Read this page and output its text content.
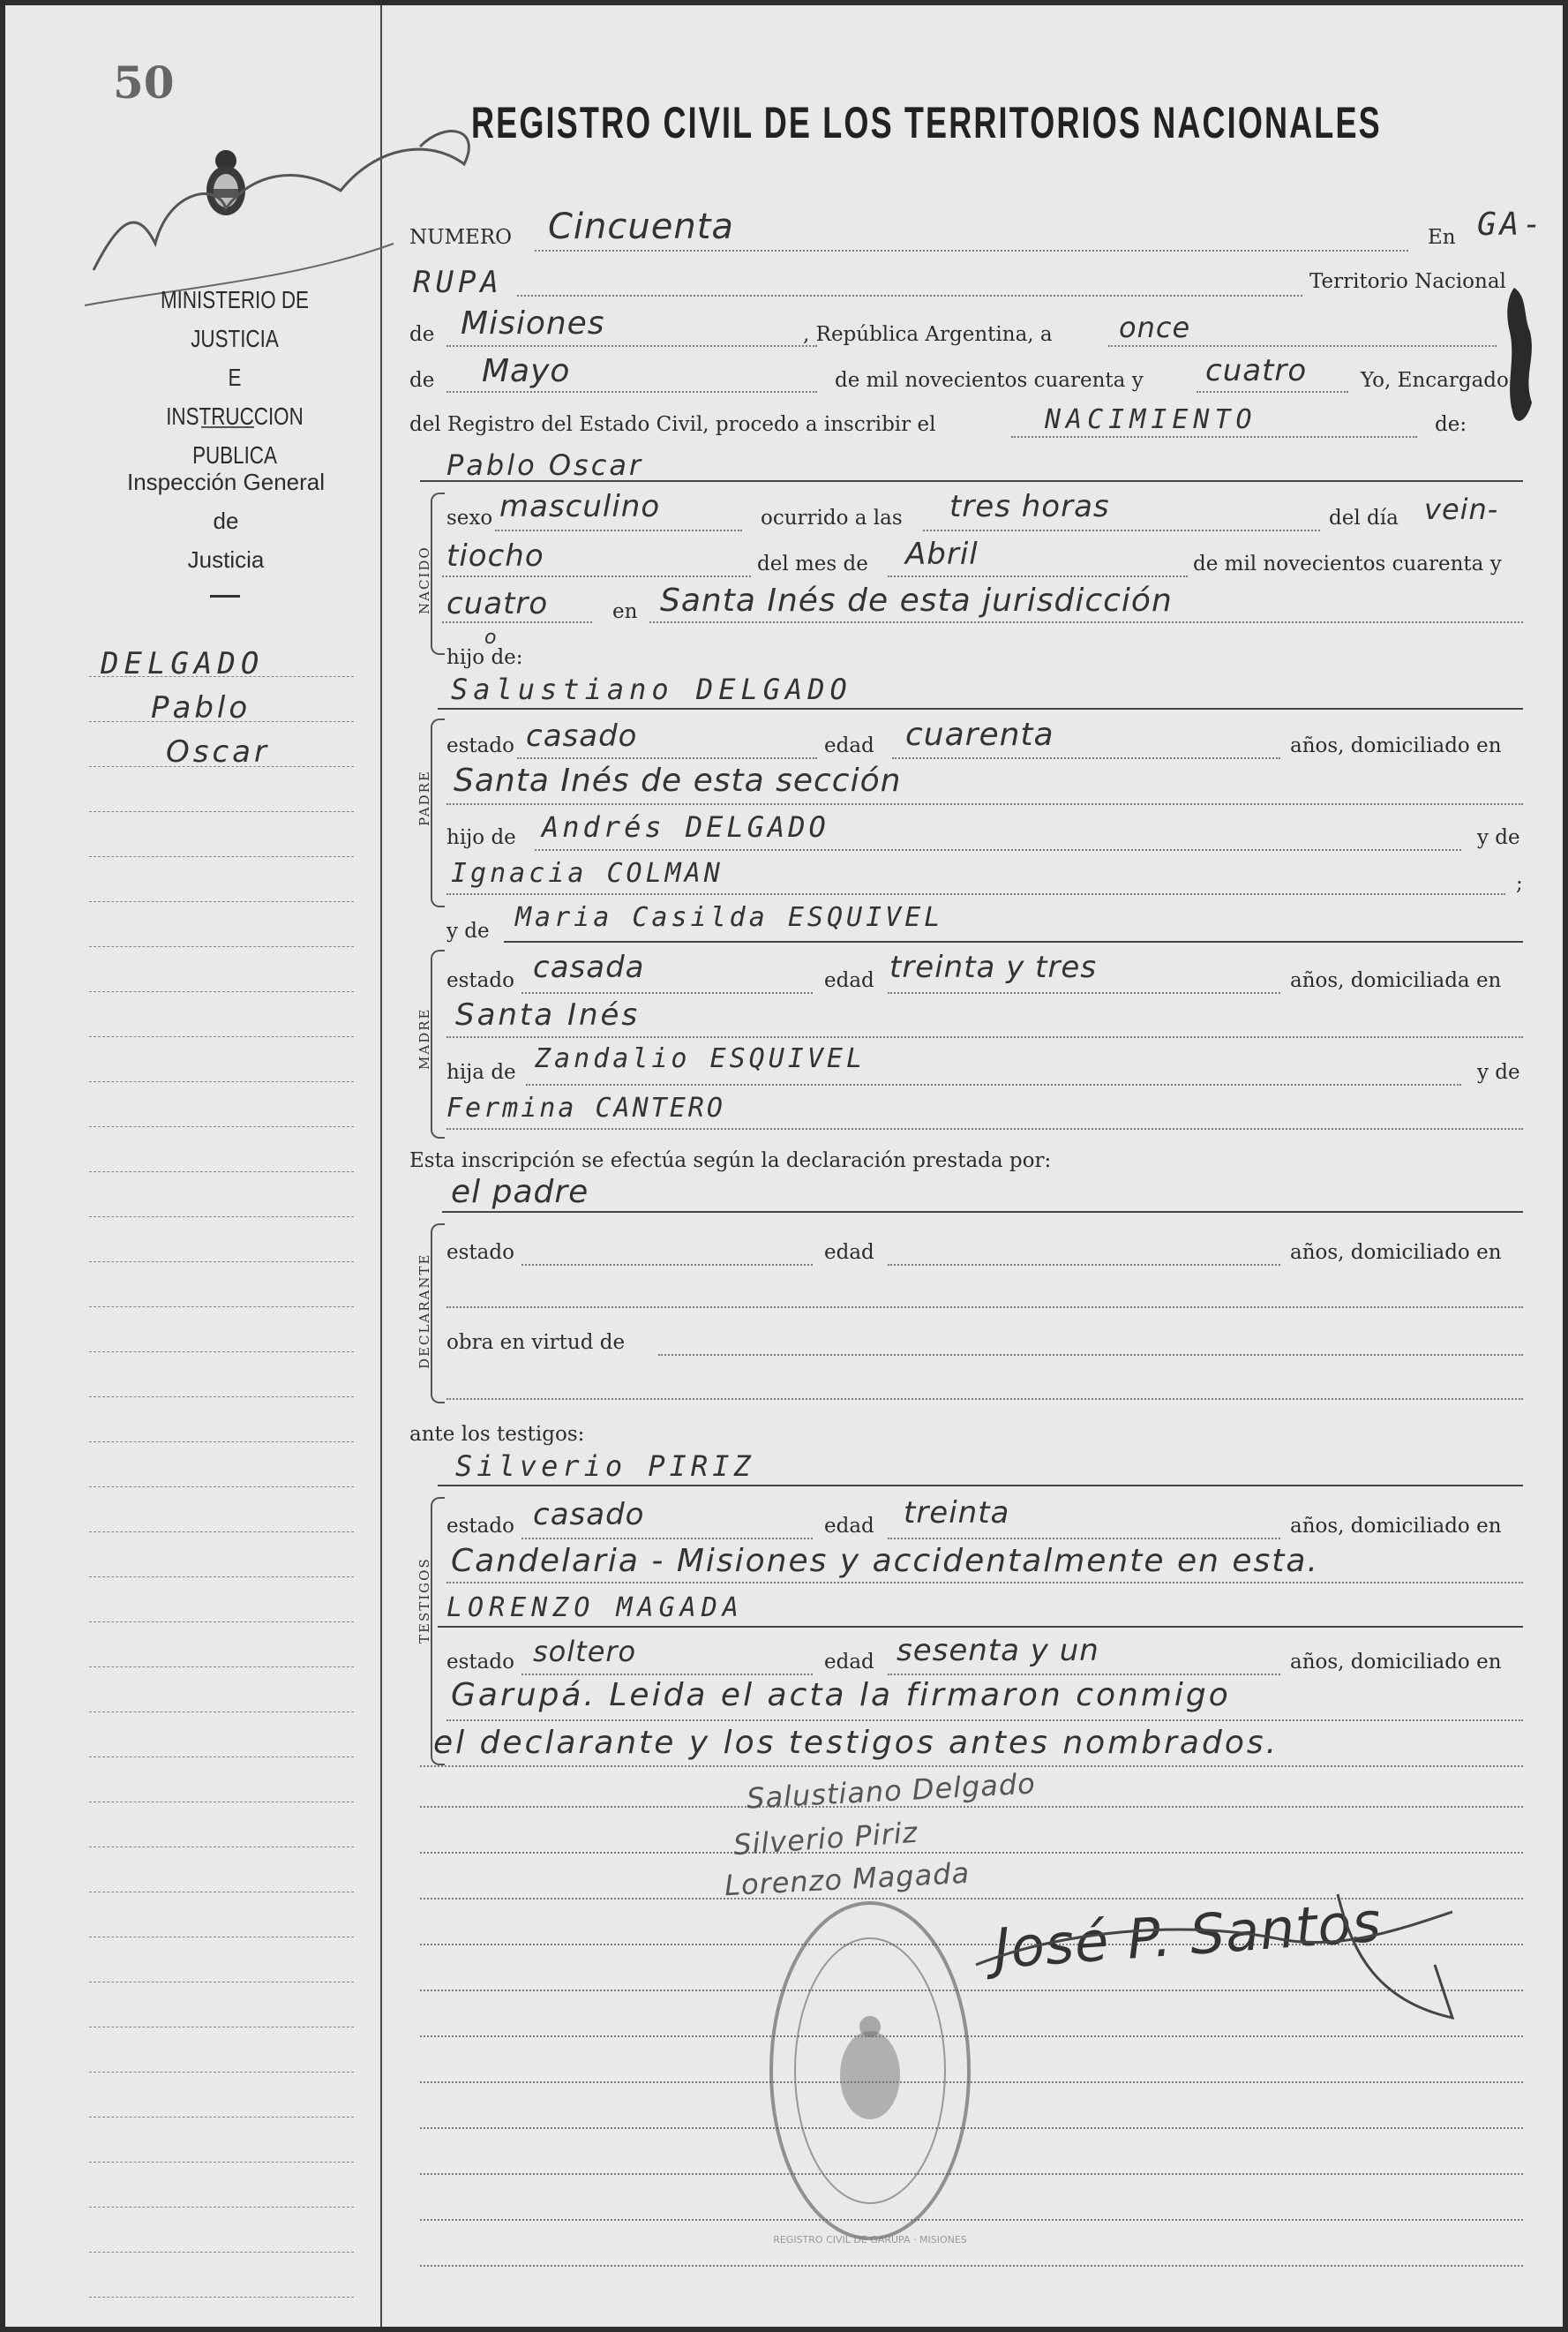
50
MINISTERIO DE JUSTICIA
E
INSTRUCCION PUBLICA
Inspección General
de
Justicia
DELGADO
Pablo
Oscar
REGISTRO CIVIL DE LOS TERRITORIOS NACIONALES
NUMERO Cincuenta	En GA-
RUPA	Territorio Nacional
de Misiones	, República Argentina, a once
de Mayo	de mil novecientos cuarenta y cuatro	Yo, Encargado
del Registro del Estado Civil, procedo a inscribir el	NACIMIENTO	de:
Pablo Oscar
NACIDO
sexo masculino	ocurrido a las tres horas	del día vein-
tiocho	del mes de Abril	de mil novecientos cuarenta y
cuatro	en Santa Inés de esta jurisdicción
hijo de:
o
Salustiano DELGADO
PADRE
estado casado	edad cuarenta	años, domiciliado en
Santa Inés de esta sección
hijo de Andrés DELGADO	y de
Ignacia COLMAN	;
y de Maria Casilda ESQUIVEL
MADRE
estado casada	edad treinta y tres	años, domiciliada en
Santa Inés
hija de Zandalio ESQUIVEL	y de
Fermina CANTERO
Esta inscripción se efectúa según la declaración prestada por:
el padre
DECLARANTE
estado	edad	años, domiciliado en
obra en virtud de
ante los testigos:
Silverio PIRIZ
TESTIGOS
estado casado	edad treinta	años, domiciliado en
Candelaria - Misiones y accidentalmente en esta.
LORENZO MAGADA
estado soltero	edad sesenta y un	años, domiciliado en
Garupá. Leida el acta la firmaron conmigo
el declarante y los testigos antes nombrados.
Salustiano Delgado
Silverio Piriz
Lorenzo Magada
José P. Santos
REGISTRO CIVIL DE GARUPA · MISIONES
